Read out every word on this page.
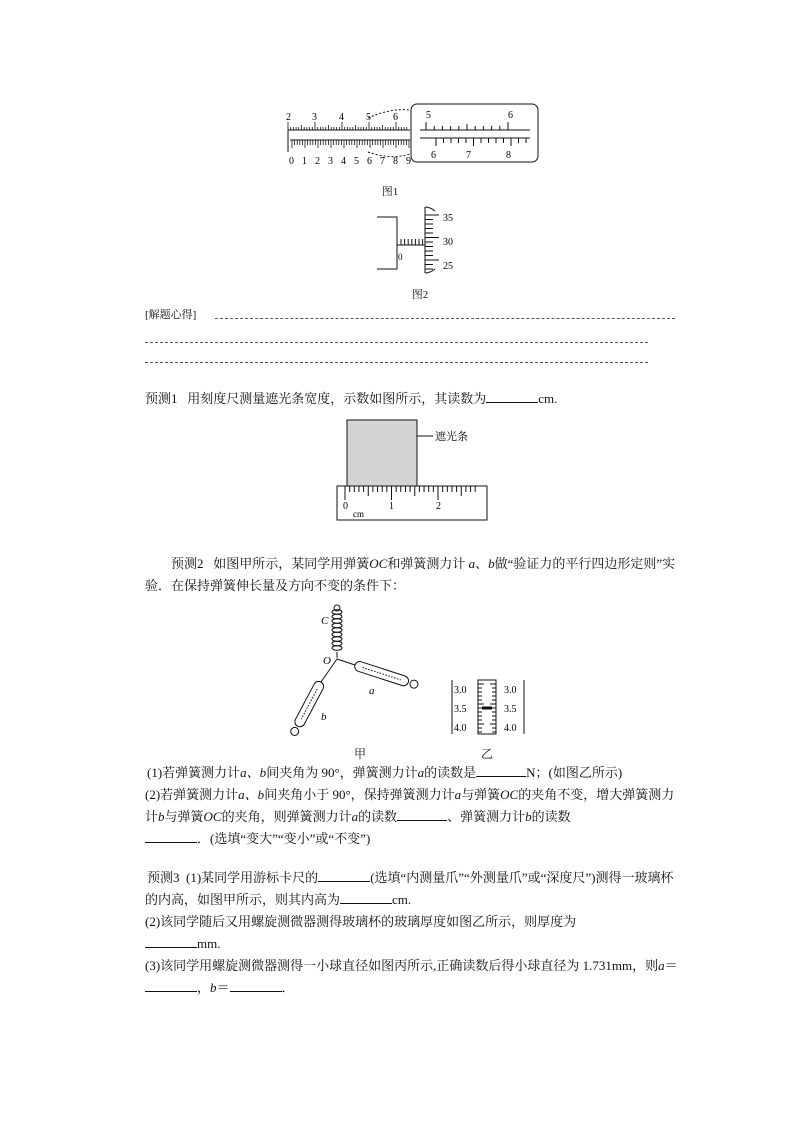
2 3 4 5 6
0 1 2 3 4 5 6 7 8 9
5	6
6	7	8
图1
0
35
30
25
图2
[解题心得]
预测1 用刻度尺测量遮光条宽度，示数如图所示，其读数为	cm.
遮光条
0	1	2
cm
预测2 如图甲所示，某同学用弹簧OC和弹簧测力计 a、b做“验证力的平行四边形定则”实验．在保持弹簧伸长量及方向不变的条件下：
C
O
a
b
3.0
3.5
4.0
3.0
3.5
4.0
甲	乙
(1)若弹簧测力计a、b间夹角为 90°，弹簧测力计a的读数是	N；(如图乙所示)
(2)若弹簧测力计a、b间夹角小于 90°，保持弹簧测力计a与弹簧OC的夹角不变，增大弹簧测力计b与弹簧OC的夹角，则弹簧测力计a的读数	、弹簧测力计b的读数
．(选填“变大”“变小”或“不变”)
预测3 (1)某同学用游标卡尺的	(选填“内测量爪”“外测量爪”或“深度尺”)测得一玻璃杯的内高，如图甲所示，则其内高为	cm.
(2)该同学随后又用螺旋测微器测得玻璃杯的玻璃厚度如图乙所示，则厚度为
mm.
(3)该同学用螺旋测微器测得一小球直径如图丙所示,正确读数后得小球直径为 1.731mm，则a＝，b＝	．
